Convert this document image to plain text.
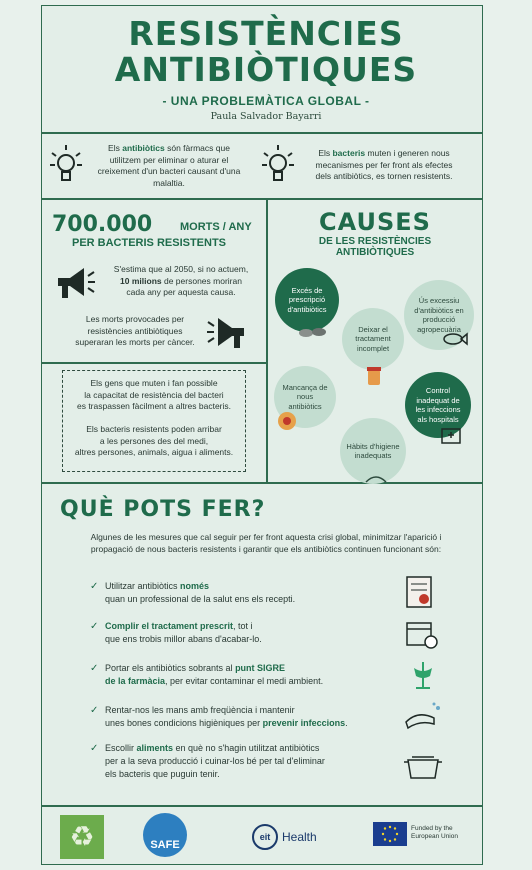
RESISTÈNCIES
ANTIBIÒTIQUES
- UNA PROBLEMÀTICA GLOBAL -
Paula Salvador Bayarri
Els antibiòtics són fàrmacs que
utilitzem per eliminar o aturar el
creixement d'un bacteri causant d'una
malaltia.
Els bacteris muten i generen nous
mecanismes per fer front als efectes
dels antibiòtics, es tornen resistents.
700.000	MORTS / ANY
PER BACTERIS RESISTENTS
S'estima que al 2050, si no actuem,
10 milions de persones moriran
cada any per aquesta causa.
Les morts provocades per
resistències antibiòtiques
superaran les morts per càncer.
Els gens que muten i fan possible
la capacitat de resistència del bacteri
es traspassen fàcilment a altres bacteris.

Els bacteris resistents poden arribar
a les persones des del medi,
altres persones, animals, aigua i aliments.
CAUSES
DE LES RESISTÈNCIES
ANTIBIÒTIQUES
Excés de prescripció d'antibiòtics
Deixar el tractament incomplet
Ús excessiu d'antibiòtics en producció agropecuària
Mancança de nous antibiòtics
Control inadequat de les infeccions als hospitals
Hàbits d'higiene inadequats
QUÈ POTS FER?
Algunes de les mesures que cal seguir per fer front aquesta crisi global, minimitzar l'aparició i
propagació de nous bacteris resistents i garantir que els antibiòtics continuen funcionant són:
✓ Utilitzar antibiòtics només
quan un professional de la salut ens els recepti.
✓ Complir el tractament prescrit, tot i
que ens trobis millor abans d'acabar-lo.
✓ Portar els antibiòtics sobrants al punt SIGRE
de la farmàcia, per evitar contaminar el medi ambient.
✓ Rentar-nos les mans amb freqüència i mantenir
unes bones condicions higièniques per prevenir infeccions.
✓ Escollir aliments en què no s'hagin utilitzat antibiòtics
per a la seva producció i cuinar-los bé per tal d'eliminar
els bacteris que puguin tenir.
♻	SAFE
eit Health
Funded by the
European Union
